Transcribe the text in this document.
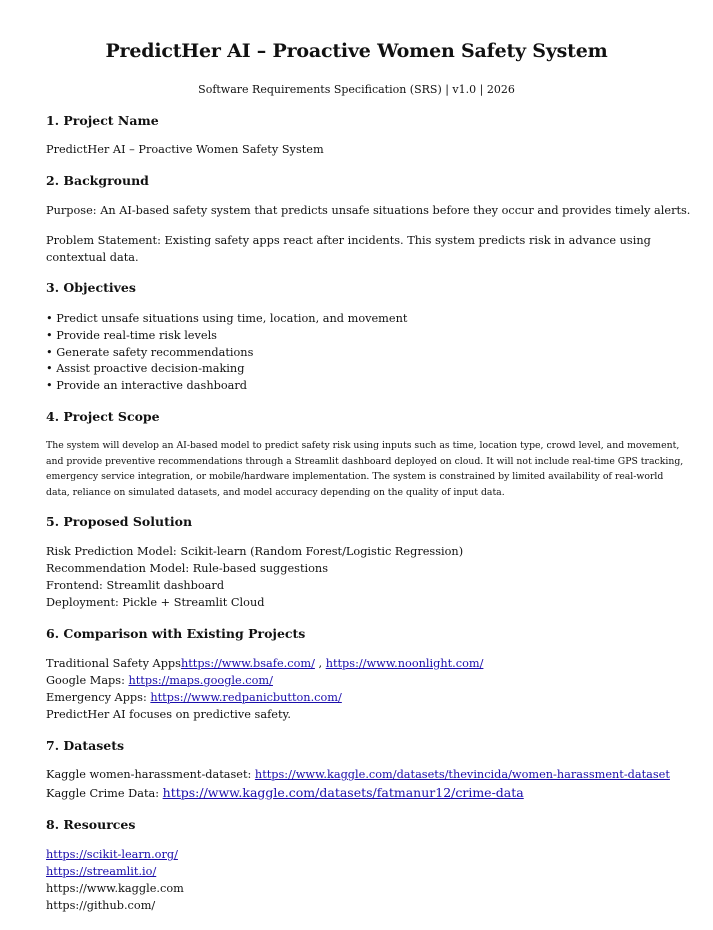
PredictHer AI – Proactive Women Safety System
Software Requirements Specification (SRS) | v1.0 | 2026
1. Project Name
PredictHer AI – Proactive Women Safety System
2. Background
Purpose: An AI-based safety system that predicts unsafe situations before they occur and provides timely alerts.
Problem Statement: Existing safety apps react after incidents. This system predicts risk in advance using contextual data.
3. Objectives
• Predict unsafe situations using time, location, and movement
• Provide real-time risk levels
• Generate safety recommendations
• Assist proactive decision-making
• Provide an interactive dashboard
4. Project Scope
The system will develop an AI-based model to predict safety risk using inputs such as time, location type, crowd level, and movement, and provide preventive recommendations through a Streamlit dashboard deployed on cloud. It will not include real-time GPS tracking, emergency service integration, or mobile/hardware implementation. The system is constrained by limited availability of real-world data, reliance on simulated datasets, and model accuracy depending on the quality of input data.
5. Proposed Solution
Risk Prediction Model: Scikit-learn (Random Forest/Logistic Regression)
Recommendation Model: Rule-based suggestions
Frontend: Streamlit dashboard
Deployment: Pickle + Streamlit Cloud
6. Comparison with Existing Projects
Traditional Safety Appshttps://www.bsafe.com/ , https://www.noonlight.com/
Google Maps: https://maps.google.com/
Emergency Apps: https://www.redpanicbutton.com/
PredictHer AI focuses on predictive safety.
7. Datasets
Kaggle women-harassment-dataset: https://www.kaggle.com/datasets/thevincida/women-harassment-dataset
Kaggle Crime Data: https://www.kaggle.com/datasets/fatmanur12/crime-data
8. Resources
https://scikit-learn.org/
https://streamlit.io/
https://www.kaggle.com
https://github.com/
